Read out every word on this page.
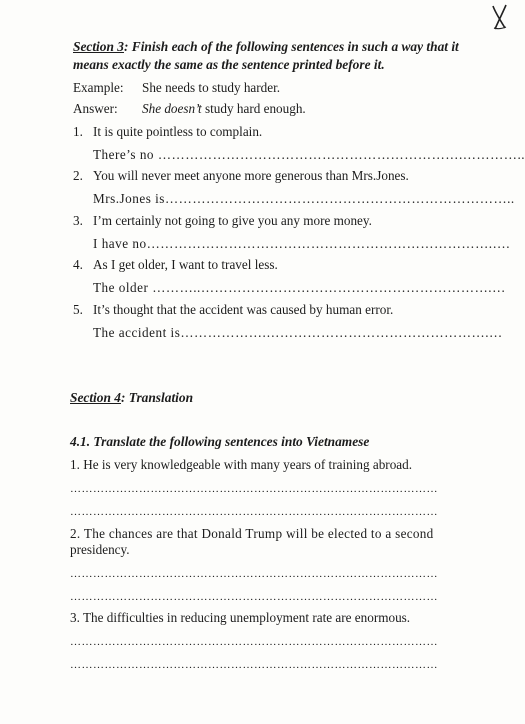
Section 3: Finish each of the following sentences in such a way that it
means exactly the same as the sentence printed before it.
Example: She needs to study harder.
Answer: She doesn’t study hard enough.
1. It is quite pointless to complain.
There’s no ………………………………………………………….…………..
2. You will never meet anyone more generous than Mrs.Jones.
Mrs.Jones is…………………………………………………………………..
3. I’m certainly not going to give you any more money.
I have no………………………………………………………………….….
4. As I get older, I want to travel less.
The older ………..……………………………………………………….…
5. It’s thought that the accident was caused by human error.
The accident is……………….………………………………………….…
Section 4: Translation
4.1. Translate the following sentences into Vietnamese
1. He is very knowledgeable with many years of training abroad.
……………………………………………………………………………………
……………………………………………………………………………………
2. The chances are that Donald Trump will be elected to a second
presidency.
……………………………………………………………………………………
……………………………………………………………………………………
3. The difficulties in reducing unemployment rate are enormous.
……………………………………………………………………………………
……………………………………………………………………………………
